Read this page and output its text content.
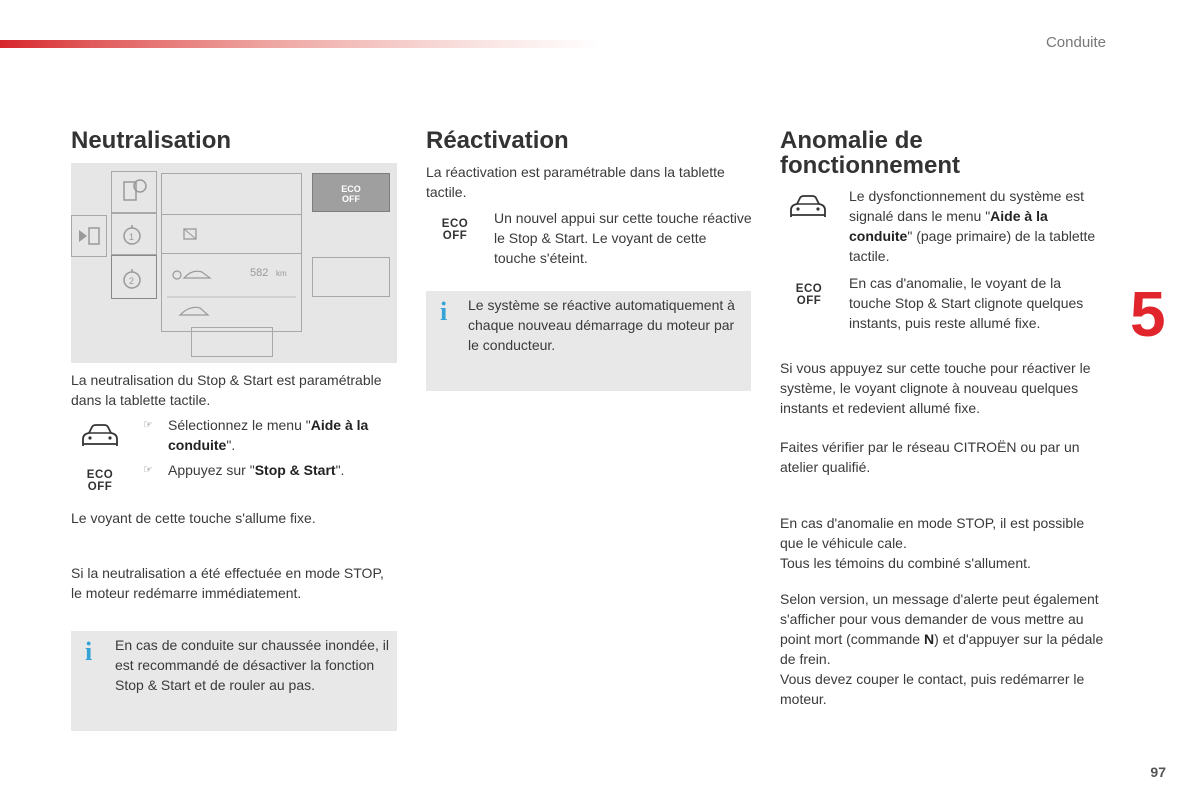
Conduite
5
97
Neutralisation
1
2
582 km
ECO
OFF

La neutralisation du Stop & Start est paramétrable dans la tablette tactile.

☞ Sélectionnez le menu "Aide à la conduite".
ECO
OFF
☞ Appuyez sur "Stop & Start".

Le voyant de cette touche s'allume fixe.

Si la neutralisation a été effectuée en mode STOP, le moteur redémarre immédiatement.

i En cas de conduite sur chaussée inondée, il est recommandé de désactiver la fonction Stop & Start et de rouler au pas.

Réactivation

La réactivation est paramétrable dans la tablette tactile.

ECO
OFF

Un nouvel appui sur cette touche réactive le Stop & Start. Le voyant de cette touche s'éteint.

i Le système se réactive automatiquement à chaque nouveau démarrage du moteur par le conducteur.

Anomalie de
fonctionnement
Le dysfonctionnement du système est signalé dans le menu "Aide à la conduite" (page primaire) de la tablette tactile.
ECO
OFF

En cas d'anomalie, le voyant de la touche Stop & Start clignote quelques instants, puis reste allumé fixe.

Si vous appuyez sur cette touche pour réactiver le système, le voyant clignote à nouveau quelques instants et redevient allumé fixe.

Faites vérifier par le réseau CITROËN ou par un atelier qualifié.

En cas d'anomalie en mode STOP, il est possible que le véhicule cale.
Tous les témoins du combiné s'allument.
Selon version, un message d'alerte peut également s'afficher pour vous demander de vous mettre au point mort (commande N) et d'appuyer sur la pédale de frein.
Vous devez couper le contact, puis redémarrer le moteur.
